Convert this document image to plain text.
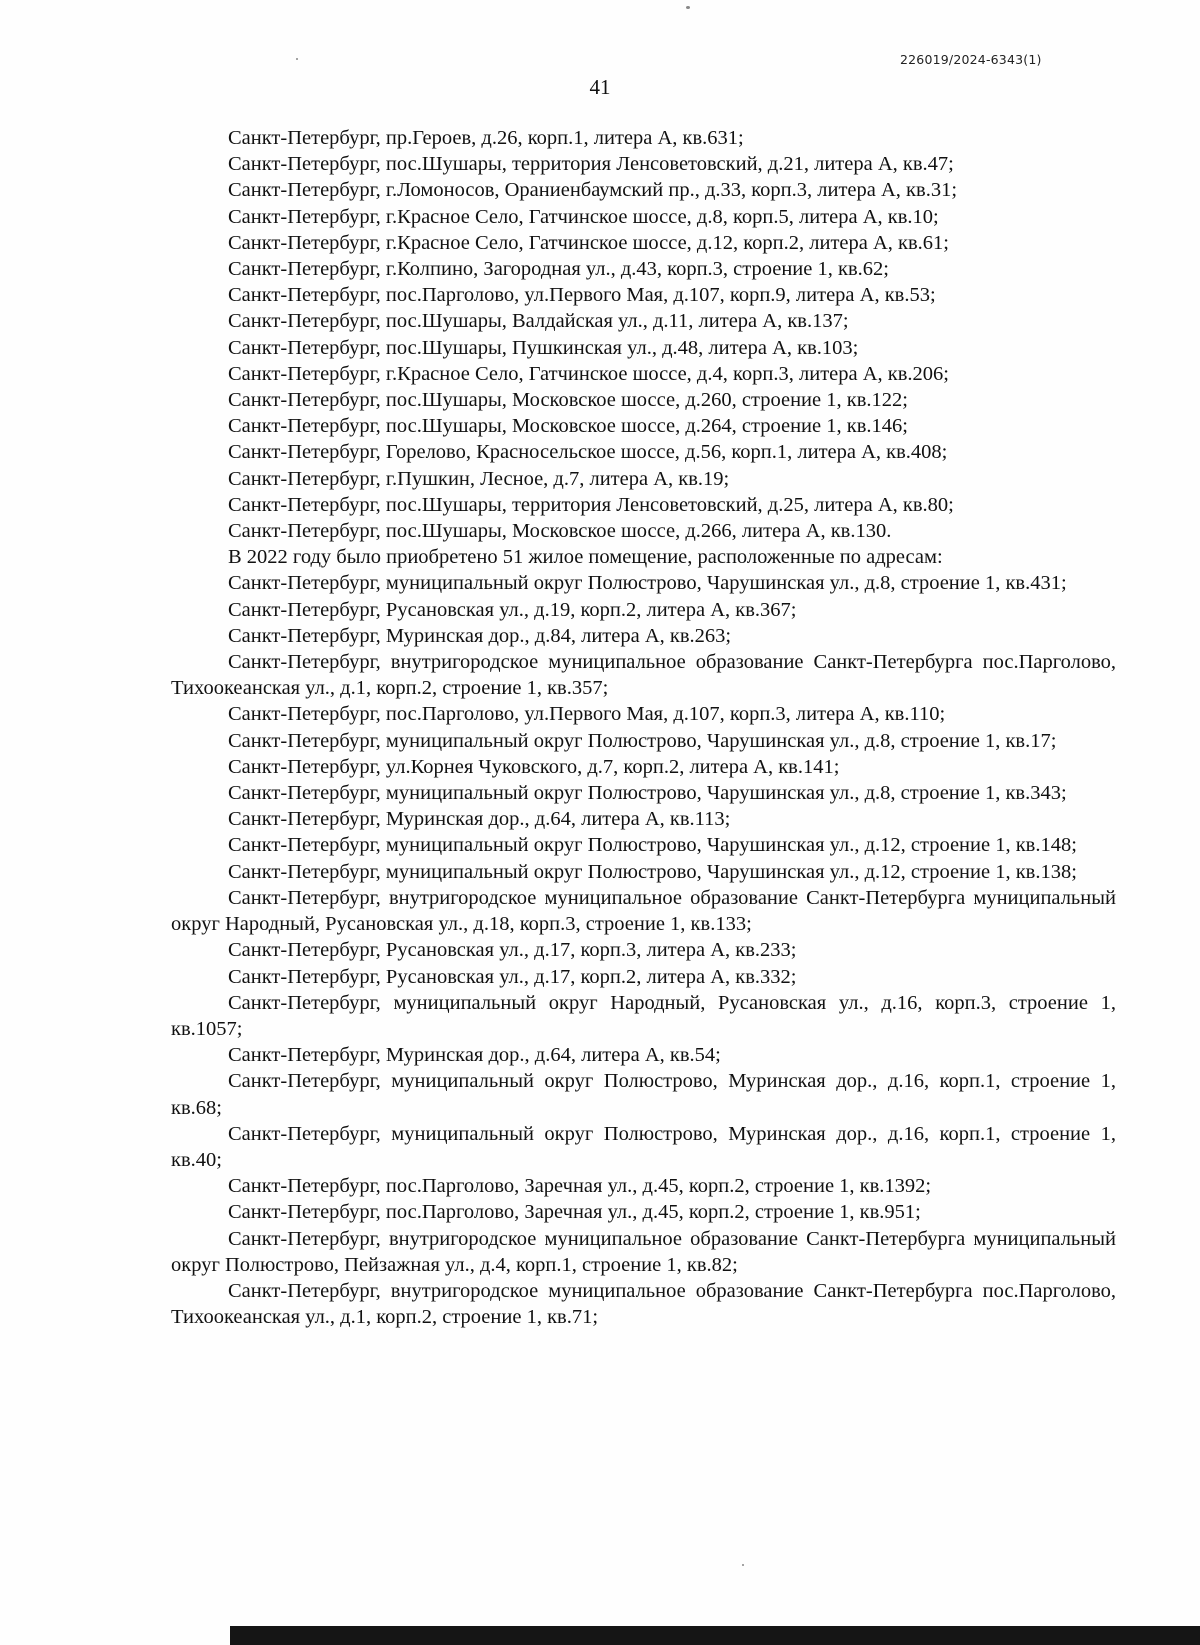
226019/2024-6343(1)
41

Санкт-Петербург, пр.Героев, д.26, корп.1, литера А, кв.631;

Санкт-Петербург, пос.Шушары, территория Ленсоветовский, д.21, литера А, кв.47;

Санкт-Петербург, г.Ломоносов, Ораниенбаумский пр., д.33, корп.3, литера А, кв.31;

Санкт-Петербург, г.Красное Село, Гатчинское шоссе, д.8, корп.5, литера А, кв.10;

Санкт-Петербург, г.Красное Село, Гатчинское шоссе, д.12, корп.2, литера А, кв.61;

Санкт-Петербург, г.Колпино, Загородная ул., д.43, корп.3, строение 1, кв.62;

Санкт-Петербург, пос.Парголово, ул.Первого Мая, д.107, корп.9, литера А, кв.53;

Санкт-Петербург, пос.Шушары, Валдайская ул., д.11, литера А, кв.137;

Санкт-Петербург, пос.Шушары, Пушкинская ул., д.48, литера А, кв.103;

Санкт-Петербург, г.Красное Село, Гатчинское шоссе, д.4, корп.3, литера А, кв.206;

Санкт-Петербург, пос.Шушары, Московское шоссе, д.260, строение 1, кв.122;

Санкт-Петербург, пос.Шушары, Московское шоссе, д.264, строение 1, кв.146;

Санкт-Петербург, Горелово, Красносельское шоссе, д.56, корп.1, литера А, кв.408;

Санкт-Петербург, г.Пушкин, Лесное, д.7, литера А, кв.19;

Санкт-Петербург, пос.Шушары, территория Ленсоветовский, д.25, литера А, кв.80;

Санкт-Петербург, пос.Шушары, Московское шоссе, д.266, литера А, кв.130.

В 2022 году было приобретено 51 жилое помещение, расположенные по адресам:

Санкт-Петербург, муниципальный округ Полюстрово, Чарушинская ул., д.8, строение 1, кв.431;

Санкт-Петербург, Русановская ул., д.19, корп.2, литера А, кв.367;

Санкт-Петербург, Муринская дор., д.84, литера А, кв.263;

Санкт-Петербург, внутригородское муниципальное образование Санкт-Петербурга пос.Парголово, Тихоокеанская ул., д.1, корп.2, строение 1, кв.357;

Санкт-Петербург, пос.Парголово, ул.Первого Мая, д.107, корп.3, литера А, кв.110;

Санкт-Петербург, муниципальный округ Полюстрово, Чарушинская ул., д.8, строение 1, кв.17;

Санкт-Петербург, ул.Корнея Чуковского, д.7, корп.2, литера А, кв.141;

Санкт-Петербург, муниципальный округ Полюстрово, Чарушинская ул., д.8, строение 1, кв.343;

Санкт-Петербург, Муринская дор., д.64, литера А, кв.113;

Санкт-Петербург, муниципальный округ Полюстрово, Чарушинская ул., д.12, строение 1, кв.148;

Санкт-Петербург, муниципальный округ Полюстрово, Чарушинская ул., д.12, строение 1, кв.138;

Санкт-Петербург, внутригородское муниципальное образование Санкт-Петербурга муниципальный округ Народный, Русановская ул., д.18, корп.3, строение 1, кв.133;

Санкт-Петербург, Русановская ул., д.17, корп.3, литера А, кв.233;

Санкт-Петербург, Русановская ул., д.17, корп.2, литера А, кв.332;

Санкт-Петербург, муниципальный округ Народный, Русановская ул., д.16, корп.3, строение 1, кв.1057;

Санкт-Петербург, Муринская дор., д.64, литера А, кв.54;

Санкт-Петербург, муниципальный округ Полюстрово, Муринская дор., д.16, корп.1, строение 1, кв.68;

Санкт-Петербург, муниципальный округ Полюстрово, Муринская дор., д.16, корп.1, строение 1, кв.40;

Санкт-Петербург, пос.Парголово, Заречная ул., д.45, корп.2, строение 1, кв.1392;

Санкт-Петербург, пос.Парголово, Заречная ул., д.45, корп.2, строение 1, кв.951;

Санкт-Петербург, внутригородское муниципальное образование Санкт-Петербурга муниципальный округ Полюстрово, Пейзажная ул., д.4, корп.1, строение 1, кв.82;

Санкт-Петербург, внутригородское муниципальное образование Санкт-Петербурга пос.Парголово, Тихоокеанская ул., д.1, корп.2, строение 1, кв.71;
